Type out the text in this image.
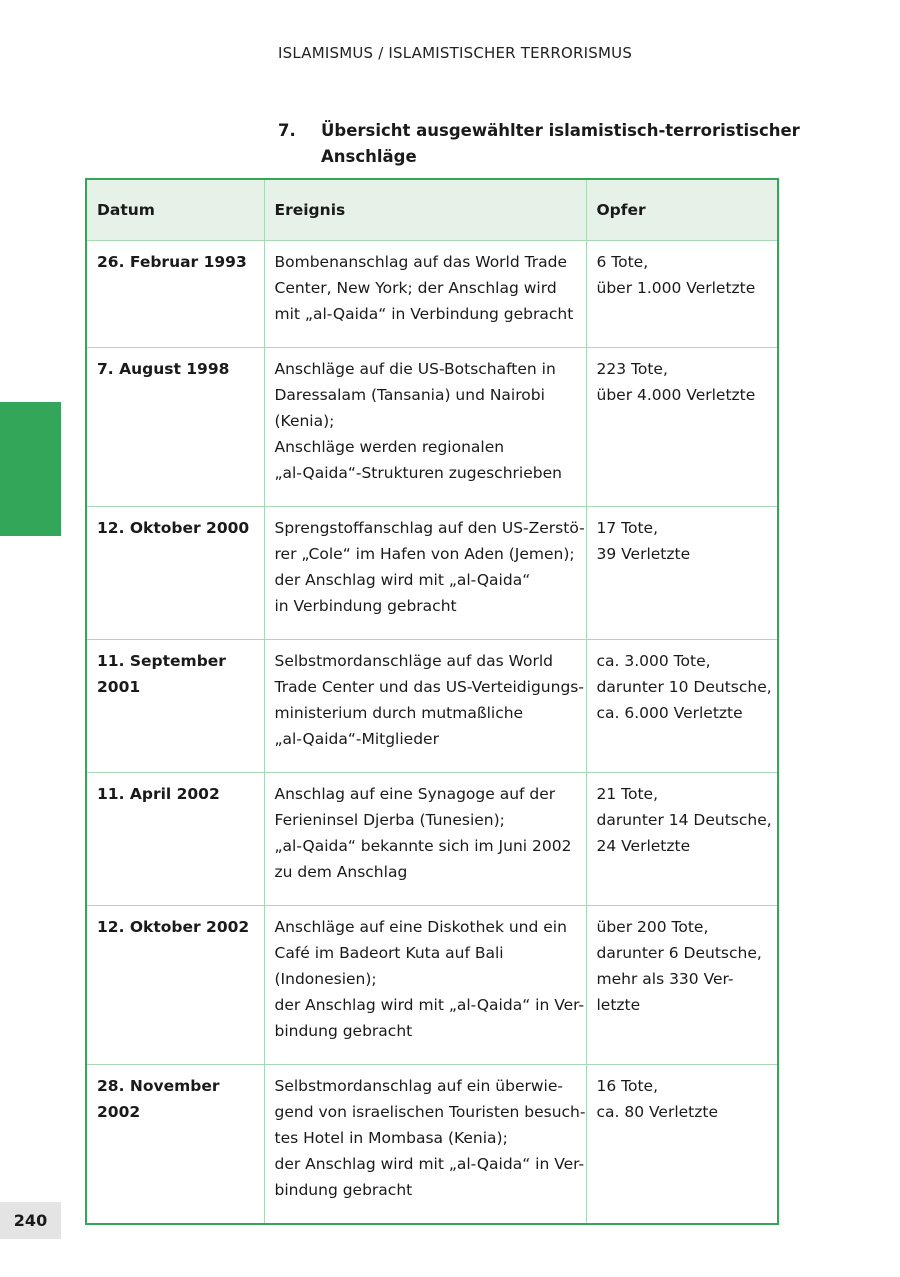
ISLAMISMUS / ISLAMISTISCHER TERRORISMUS
7. Übersicht ausgewählter islamistisch-terroristischer
Anschläge
Datum	Ereignis	Opfer
26. Februar 1993	Bombenanschlag auf das World Trade
Center, New York; der Anschlag wird
mit „al-Qaida“ in Verbindung gebracht	6 Tote,
über 1.000 Verletzte

7. August 1998	Anschläge auf die US-Botschaften in
Daressalam (Tansania) und Nairobi
(Kenia);
Anschläge werden regionalen
„al-Qaida“-Strukturen zugeschrieben	223 Tote,
über 4.000 Verletzte

12. Oktober 2000	Sprengstoffanschlag auf den US-Zerstö-
rer „Cole“ im Hafen von Aden (Jemen);
der Anschlag wird mit „al-Qaida“
in Verbindung gebracht	17 Tote,
39 Verletzte

11. September 2001	Selbstmordanschläge auf das World
Trade Center und das US-Verteidigungs-
ministerium durch mutmaßliche
„al-Qaida“-Mitglieder	ca. 3.000 Tote,
darunter 10 Deutsche,
ca. 6.000 Verletzte

11. April 2002	Anschlag auf eine Synagoge auf der
Ferieninsel Djerba (Tunesien);
„al-Qaida“ bekannte sich im Juni 2002
zu dem Anschlag	21 Tote,
darunter 14 Deutsche,
24 Verletzte

12. Oktober 2002	Anschläge auf eine Diskothek und ein
Café im Badeort Kuta auf Bali
(Indonesien);
der Anschlag wird mit „al-Qaida“ in Ver-
bindung gebracht	über 200 Tote,
darunter 6 Deutsche,
mehr als 330 Ver-
letzte

28. November 2002	Selbstmordanschlag auf ein überwie-
gend von israelischen Touristen besuch-
tes Hotel in Mombasa (Kenia);
der Anschlag wird mit „al-Qaida“ in Ver-
bindung gebracht	16 Tote,
ca. 80 Verletzte
240
